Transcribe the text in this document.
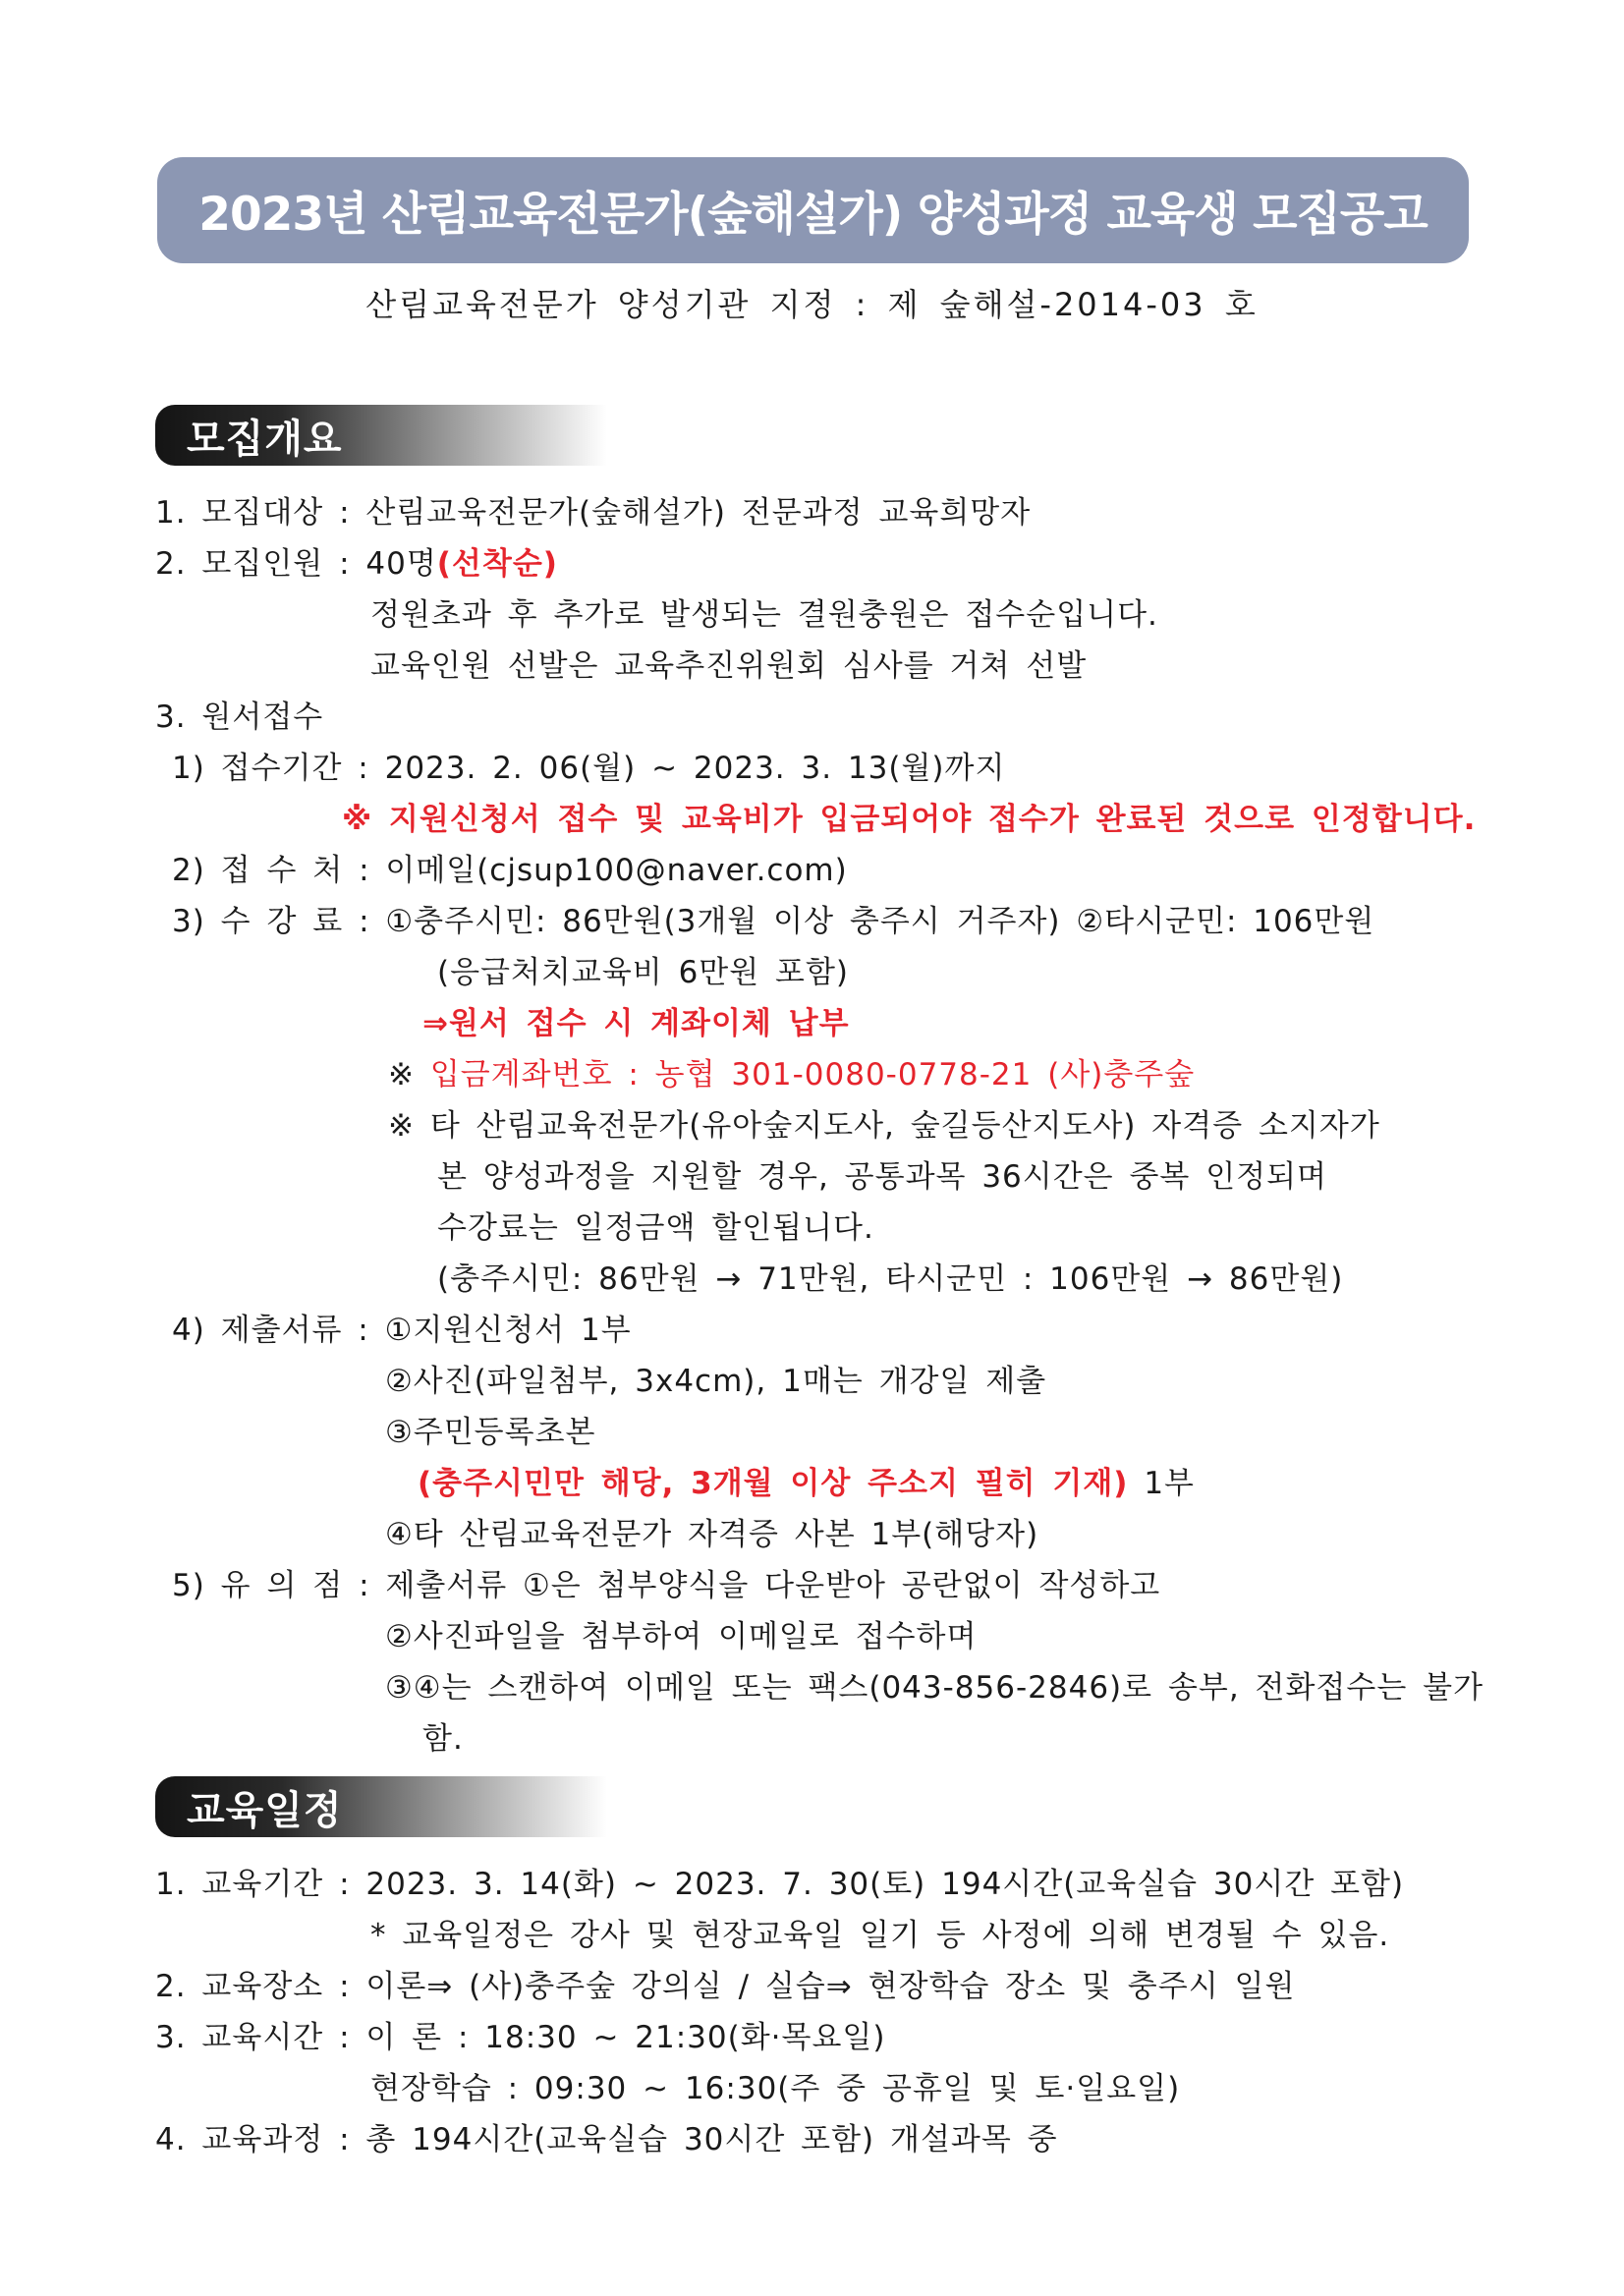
2023년 산림교육전문가(숲해설가) 양성과정 교육생 모집공고
산림교육전문가 양성기관 지정 : 제 숲해설-2014-03 호
모집개요
1. 모집대상 : 산림교육전문가(숲해설가) 전문과정 교육희망자
2. 모집인원 : 40명(선착순)
정원초과 후 추가로 발생되는 결원충원은 접수순입니다.
교육인원 선발은 교육추진위원회 심사를 거쳐 선발
3. 원서접수
1) 접수기간 : 2023. 2. 06(월) ~ 2023. 3. 13(월)까지
※ 지원신청서 접수 및 교육비가 입금되어야 접수가 완료된 것으로 인정합니다.
2) 접 수 처 : 이메일(cjsup100@naver.com)
3) 수 강 료 : ①충주시민: 86만원(3개월 이상 충주시 거주자) ②타시군민: 106만원
(응급처치교육비 6만원 포함)
⇒원서 접수 시 계좌이체 납부
※ 입금계좌번호 : 농협 301-0080-0778-21 (사)충주숲
※ 타 산림교육전문가(유아숲지도사, 숲길등산지도사) 자격증 소지자가
본 양성과정을 지원할 경우, 공통과목 36시간은 중복 인정되며
수강료는 일정금액 할인됩니다.
(충주시민: 86만원 → 71만원, 타시군민 : 106만원 → 86만원)
4) 제출서류 : ①지원신청서 1부
②사진(파일첨부, 3x4cm), 1매는 개강일 제출
③주민등록초본
(충주시민만 해당, 3개월 이상 주소지 필히 기재) 1부
④타 산림교육전문가 자격증 사본 1부(해당자)
5) 유 의 점 : 제출서류 ①은 첨부양식을 다운받아 공란없이 작성하고
②사진파일을 첨부하여 이메일로 접수하며
③④는 스캔하여 이메일 또는 팩스(043-856-2846)로 송부, 전화접수는 불가
함.
교육일정
1. 교육기간 : 2023. 3. 14(화) ~ 2023. 7. 30(토) 194시간(교육실습 30시간 포함)
* 교육일정은 강사 및 현장교육일 일기 등 사정에 의해 변경될 수 있음.
2. 교육장소 : 이론⇒ (사)충주숲 강의실 / 실습⇒ 현장학습 장소 및 충주시 일원
3. 교육시간 : 이 론 : 18:30 ~ 21:30(화·목요일)
현장학습 : 09:30 ~ 16:30(주 중 공휴일 및 토·일요일)
4. 교육과정 : 총 194시간(교육실습 30시간 포함) 개설과목 중
